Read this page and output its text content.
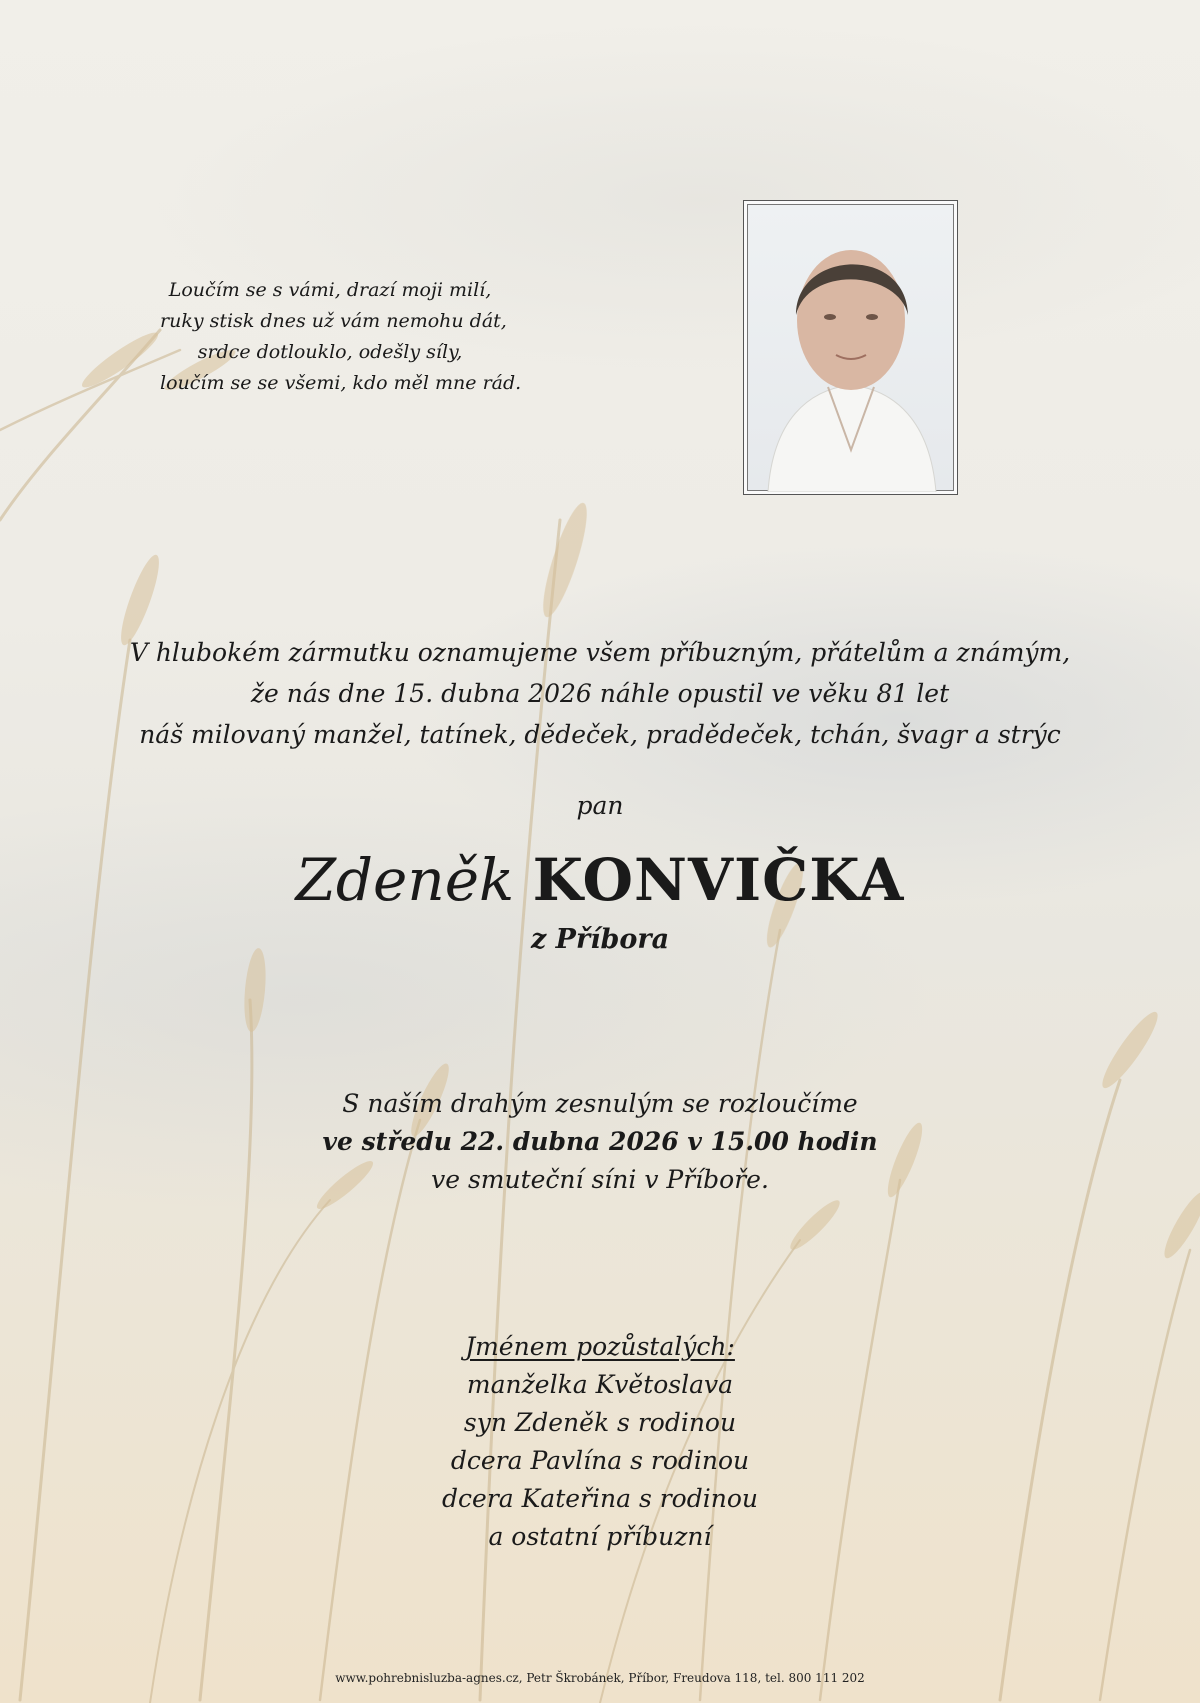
Loučím se s vámi, drazí moji milí,
ruky stisk dnes už vám nemohu dát,
srdce dotlouklo, odešly síly,
loučím se se všemi, kdo měl mne rád.
V hlubokém zármutku oznamujeme všem příbuzným, přátelům a známým,
že nás dne 15. dubna 2026 náhle opustil ve věku 81 let
náš milovaný manžel, tatínek, dědeček, pradědeček, tchán, švagr a strýc
pan
Zdeněk KONVIČKA
z Příbora
S naším drahým zesnulým se rozloučíme
ve středu 22. dubna 2026 v 15.00 hodin
ve smuteční síni v Příboře.
Jménem pozůstalých:
manželka Květoslava
syn Zdeněk s rodinou
dcera Pavlína s rodinou
dcera Kateřina s rodinou
a ostatní příbuzní
www.pohrebnisluzba-agnes.cz, Petr Škrobánek, Příbor, Freudova 118, tel. 800 111 202
